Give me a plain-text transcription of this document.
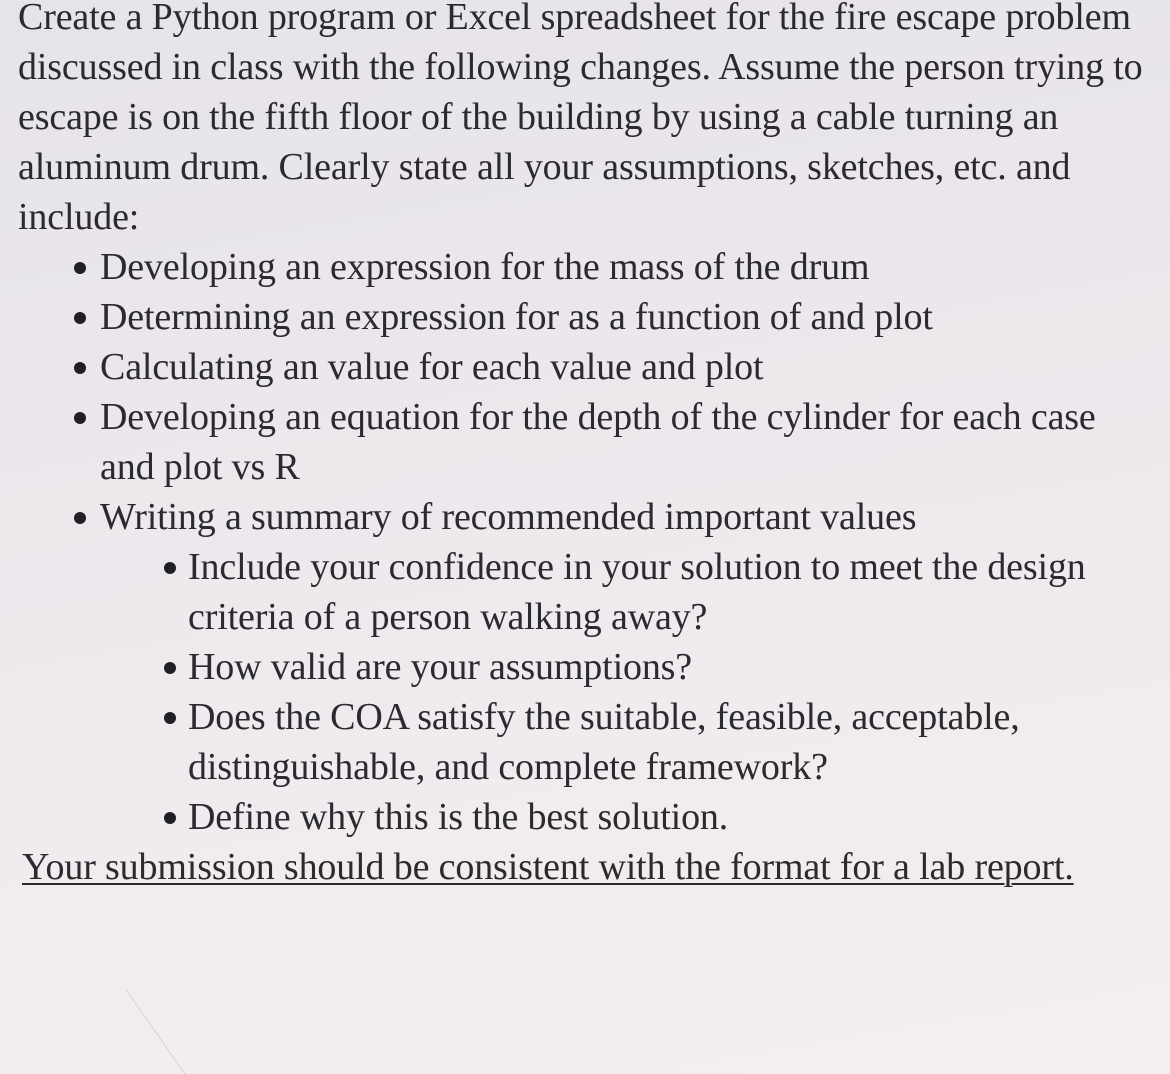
Create a Python program or Excel spreadsheet for the fire escape problem discussed in class with the following changes. Assume the person trying to escape is on the fifth floor of the building by using a cable turning an aluminum drum. Clearly state all your assumptions, sketches, etc. and include:

Developing an expression for the mass of the drum
Determining an expression for as a function of and plot
Calculating an value for each value and plot
Developing an equation for the depth of the cylinder for each case and plot vs R
Writing a summary of recommended important values
Include your confidence in your solution to meet the design criteria of a person walking away?
How valid are your assumptions?
Does the COA satisfy the suitable, feasible, acceptable, distinguishable, and complete framework?
Define why this is the best solution.

Your submission should be consistent with the format for a lab report.
